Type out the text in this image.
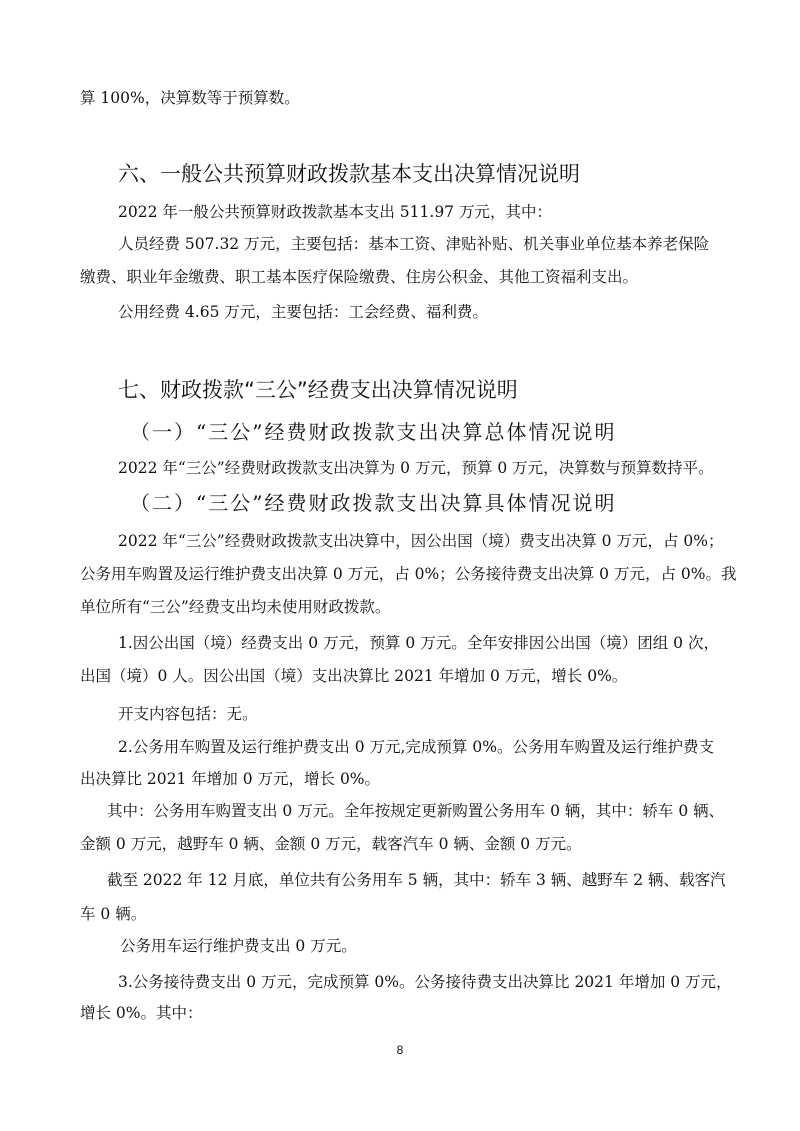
算 100%，决算数等于预算数。

六、一般公共预算财政拨款基本支出决算情况说明

2022 年一般公共预算财政拨款基本支出 511.97 万元，其中：

人员经费 507.32 万元，主要包括：基本工资、津贴补贴、机关事业单位基本养老保险

缴费、职业年金缴费、职工基本医疗保险缴费、住房公积金、其他工资福利支出。

公用经费 4.65 万元，主要包括：工会经费、福利费。

七、财政拨款“三公”经费支出决算情况说明

（一）“三公”经费财政拨款支出决算总体情况说明

2022 年“三公”经费财政拨款支出决算为 0 万元，预算 0 万元，决算数与预算数持平。

（二）“三公”经费财政拨款支出决算具体情况说明

2022 年“三公”经费财政拨款支出决算中，因公出国（境）费支出决算 0 万元，占 0%；

公务用车购置及运行维护费支出决算 0 万元，占 0%；公务接待费支出决算 0 万元，占 0%。我

单位所有“三公”经费支出均未使用财政拨款。

1.因公出国（境）经费支出 0 万元，预算 0 万元。全年安排因公出国（境）团组 0 次，

出国（境）0 人。因公出国（境）支出决算比 2021 年增加 0 万元，增长 0%。

开支内容包括：无。

2.公务用车购置及运行维护费支出 0 万元,完成预算 0%。公务用车购置及运行维护费支

出决算比 2021 年增加 0 万元，增长 0%。

其中：公务用车购置支出 0 万元。全年按规定更新购置公务用车 0 辆，其中：轿车 0 辆、

金额 0 万元，越野车 0 辆、金额 0 万元，载客汽车 0 辆、金额 0 万元。

截至 2022 年 12 月底，单位共有公务用车 5 辆，其中：轿车 3 辆、越野车 2 辆、载客汽

车 0 辆。

公务用车运行维护费支出 0 万元。

3.公务接待费支出 0 万元，完成预算 0%。公务接待费支出决算比 2021 年增加 0 万元，

增长 0%。其中：

8
